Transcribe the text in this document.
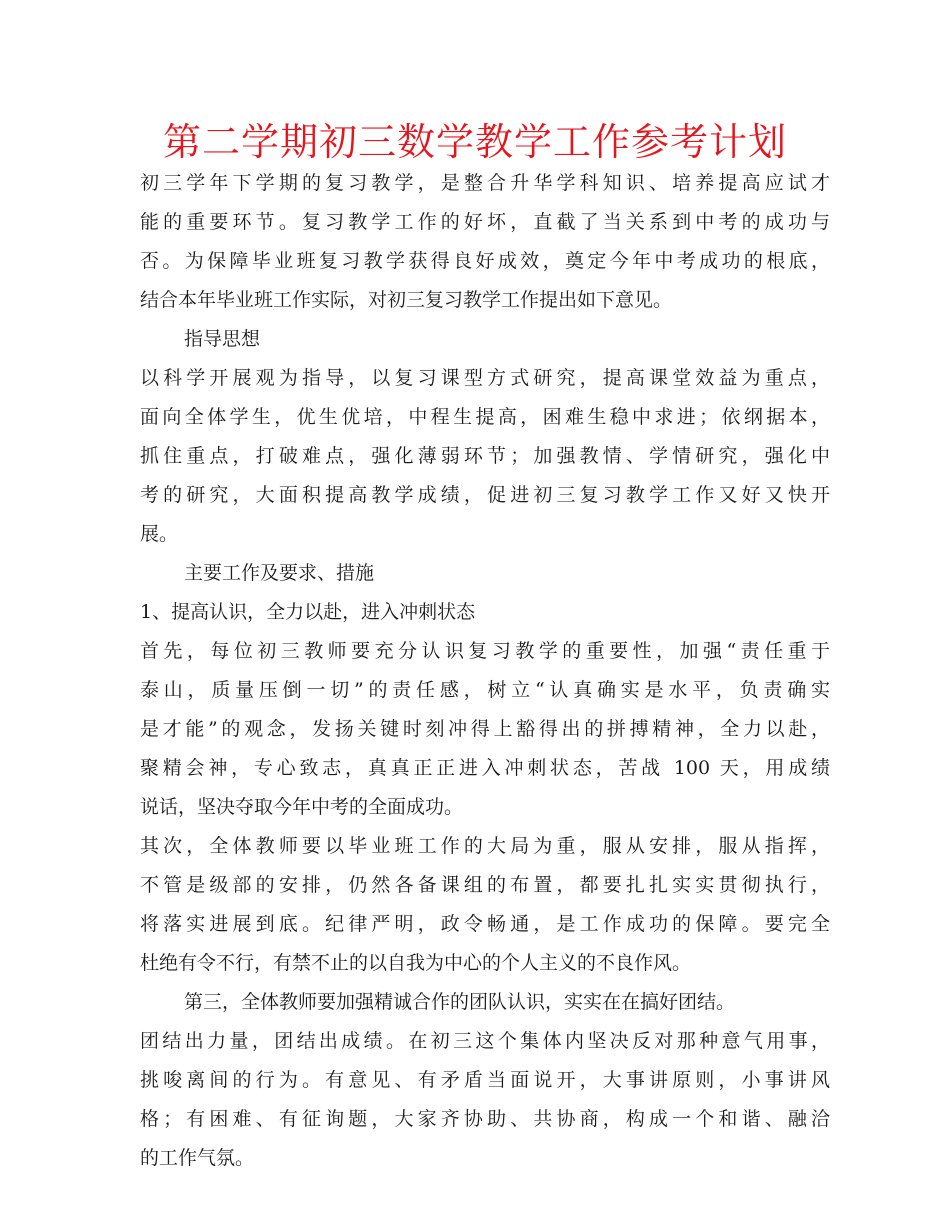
第二学期初三数学教学工作参考计划
初三学年下学期的复习教学，是整合升华学科知识、培养提高应试才
能的重要环节。复习教学工作的好坏，直截了当关系到中考的成功与
否。为保障毕业班复习教学获得良好成效，奠定今年中考成功的根底，
结合本年毕业班工作实际，对初三复习教学工作提出如下意见。
指导思想
以科学开展观为指导，以复习课型方式研究，提高课堂效益为重点，
面向全体学生，优生优培，中程生提高，困难生稳中求进；依纲据本，
抓住重点，打破难点，强化薄弱环节；加强教情、学情研究，强化中
考的研究，大面积提高教学成绩，促进初三复习教学工作又好又快开
展。
主要工作及要求、措施
1、提高认识，全力以赴，进入冲刺状态
首先，每位初三教师要充分认识复习教学的重要性，加强“责任重于
泰山，质量压倒一切”的责任感，树立“认真确实是水平，负责确实
是才能”的观念，发扬关键时刻冲得上豁得出的拼搏精神，全力以赴，
聚精会神，专心致志，真真正正进入冲刺状态，苦战 100 天，用成绩
说话，坚决夺取今年中考的全面成功。
其次，全体教师要以毕业班工作的大局为重，服从安排，服从指挥，
不管是级部的安排，仍然各备课组的布置，都要扎扎实实贯彻执行，
将落实进展到底。纪律严明，政令畅通，是工作成功的保障。要完全
杜绝有令不行，有禁不止的以自我为中心的个人主义的不良作风。
第三，全体教师要加强精诚合作的团队认识，实实在在搞好团结。
团结出力量，团结出成绩。在初三这个集体内坚决反对那种意气用事，
挑唆离间的行为。有意见、有矛盾当面说开，大事讲原则，小事讲风
格；有困难、有征询题，大家齐协助、共协商，构成一个和谐、融洽
的工作气氛。
